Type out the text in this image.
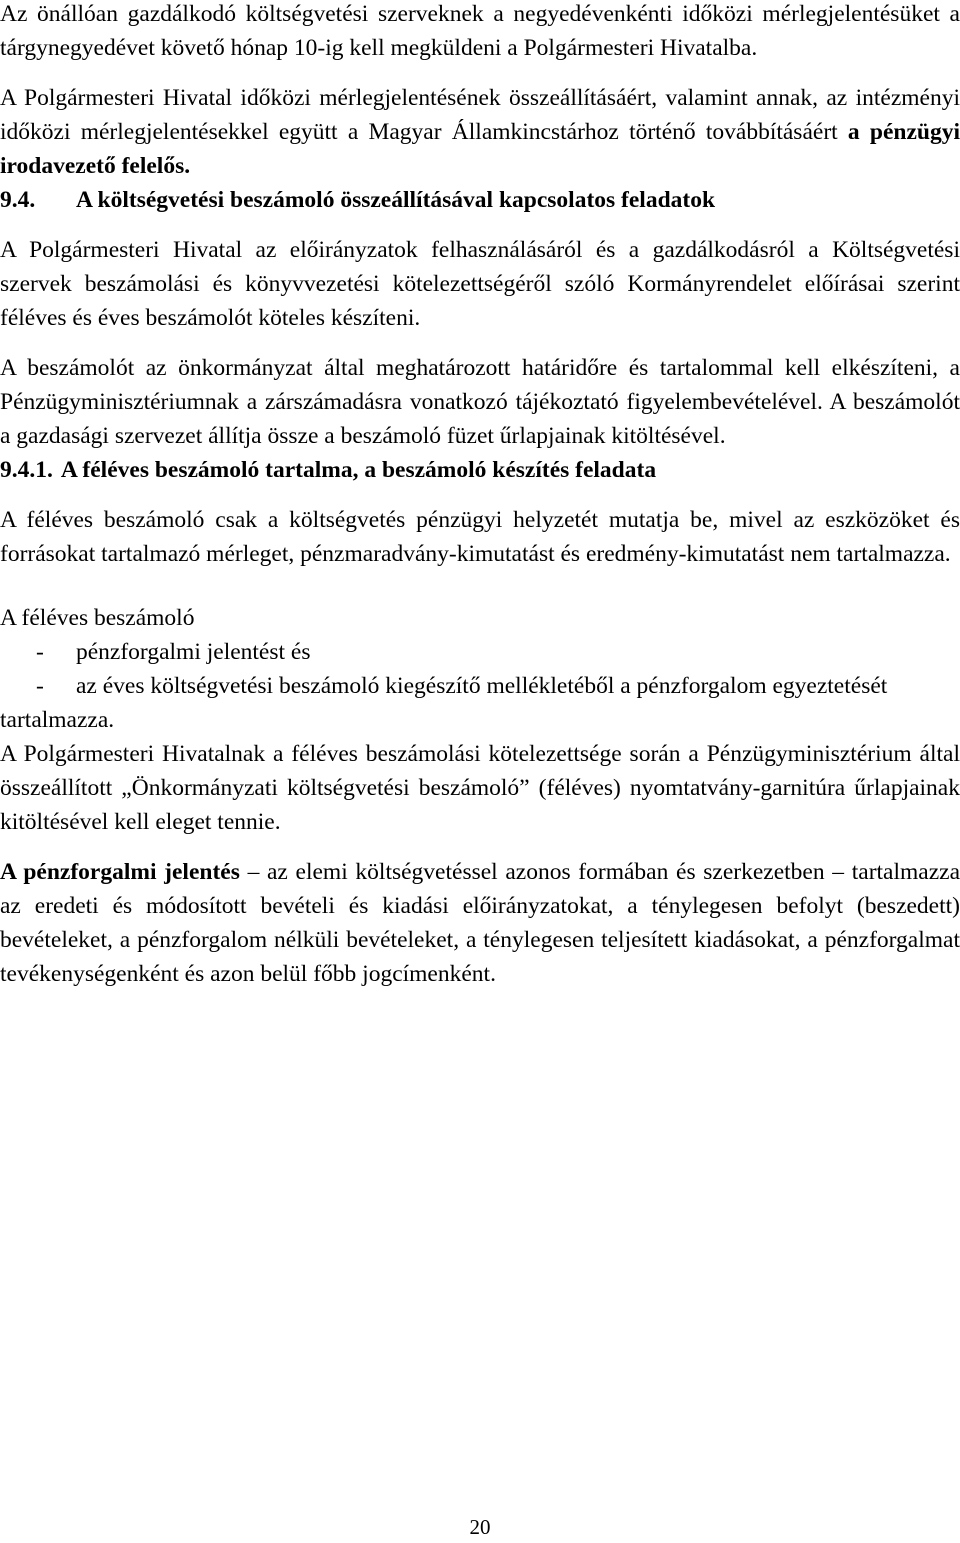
Az önállóan gazdálkodó költségvetési szerveknek a negyedévenkénti időközi mérlegjelentésüket a tárgynegyedévet követő hónap 10-ig kell megküldeni a Polgármesteri Hivatalba.

A Polgármesteri Hivatal időközi mérlegjelentésének összeállításáért, valamint annak, az intézményi időközi mérlegjelentésekkel együtt a Magyar Államkincstárhoz történő továbbításáért a pénzügyi irodavezető felelős.

9.4. A költségvetési beszámoló összeállításával kapcsolatos feladatok

A Polgármesteri Hivatal az előirányzatok felhasználásáról és a gazdálkodásról a Költségvetési szervek beszámolási és könyvvezetési kötelezettségéről szóló Kormányrendelet előírásai szerint féléves és éves beszámolót köteles készíteni.

A beszámolót az önkormányzat által meghatározott határidőre és tartalommal kell elkészíteni, a Pénzügyminisztériumnak a zárszámadásra vonatkozó tájékoztató figyelembevételével. A beszámolót a gazdasági szervezet állítja össze a beszámoló füzet űrlapjainak kitöltésével.

9.4.1. A féléves beszámoló tartalma, a beszámoló készítés feladata

A féléves beszámoló csak a költségvetés pénzügyi helyzetét mutatja be, mivel az eszközöket és forrásokat tartalmazó mérleget, pénzmaradvány-kimutatást és eredmény-kimutatást nem tartalmazza.

A féléves beszámoló

- pénzforgalmi jelentést és
- az éves költségvetési beszámoló kiegészítő mellékletéből a pénzforgalom egyeztetését

tartalmazza.

A Polgármesteri Hivatalnak a féléves beszámolási kötelezettsége során a Pénzügyminisztérium által összeállított „Önkormányzati költségvetési beszámoló” (féléves) nyomtatvány-garnitúra űrlapjainak kitöltésével kell eleget tennie.

A pénzforgalmi jelentés – az elemi költségvetéssel azonos formában és szerkezetben – tartalmazza az eredeti és módosított bevételi és kiadási előirányzatokat, a ténylegesen befolyt (beszedett) bevételeket, a pénzforgalom nélküli bevételeket, a ténylegesen teljesített kiadásokat, a pénzforgalmat tevékenységenként és azon belül főbb jogcímenként.

20
